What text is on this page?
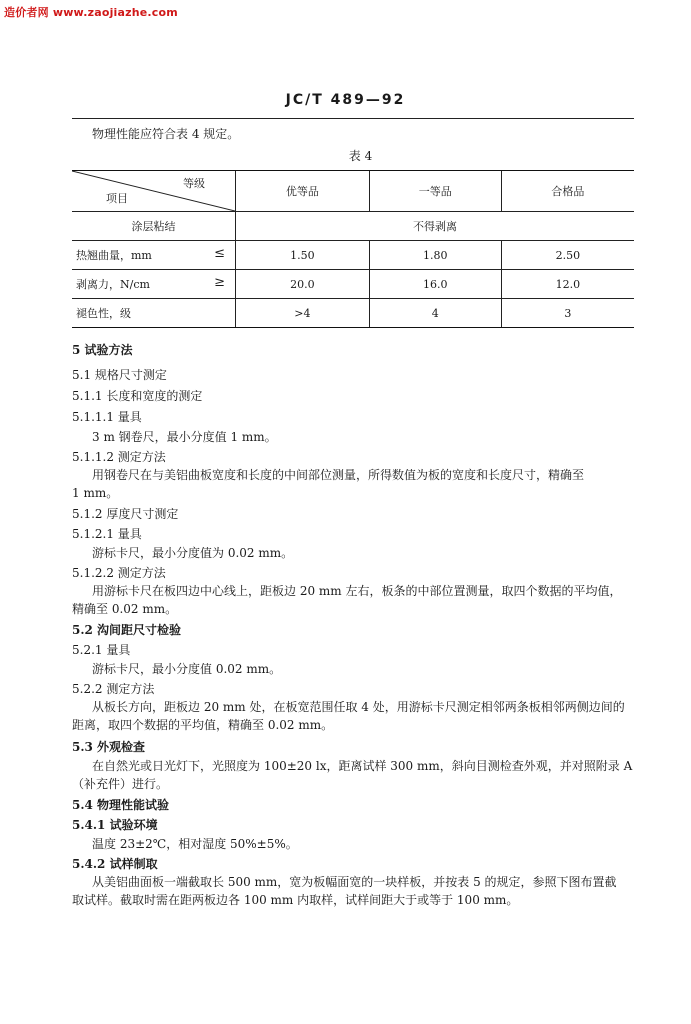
造价者网 www.zaojiazhe.com
JC/T 489—92
物理性能应符合表 4 规定。
表 4
等级
项目	优等品	一等品	合格品

涂层粘结	不得剥离		

热翘曲量，mm ≤	1.50	1.80	2.50

剥离力，N/cm ≥	20.0	16.0	12.0

褪色性，级	>4	4	3
5 试验方法
5.1 规格尺寸测定
5.1.1 长度和宽度的测定
5.1.1.1 量具
3 m 钢卷尺，最小分度值 1 mm。
5.1.1.2 测定方法
用钢卷尺在与美铝曲板宽度和长度的中间部位测量，所得数值为板的宽度和长度尺寸，精确至
1 mm。
5.1.2 厚度尺寸测定
5.1.2.1 量具
游标卡尺，最小分度值为 0.02 mm。
5.1.2.2 测定方法
用游标卡尺在板四边中心线上，距板边 20 mm 左右，板条的中部位置测量，取四个数据的平均值，
精确至 0.02 mm。
5.2 沟间距尺寸检验
5.2.1 量具
游标卡尺，最小分度值 0.02 mm。
5.2.2 测定方法
从板长方向，距板边 20 mm 处，在板宽范围任取 4 处，用游标卡尺测定相邻两条板相邻两侧边间的
距离，取四个数据的平均值，精确至 0.02 mm。
5.3 外观检查
在自然光或日光灯下，光照度为 100±20 lx，距离试样 300 mm，斜向目测检查外观，并对照附录 A
（补充件）进行。
5.4 物理性能试验
5.4.1 试验环境
温度 23±2℃，相对湿度 50%±5%。
5.4.2 试样制取
从美铝曲面板一端截取长 500 mm，宽为板幅面宽的一块样板，并按表 5 的规定，参照下图布置截
取试样。截取时需在距两板边各 100 mm 内取样，试样间距大于或等于 100 mm。
